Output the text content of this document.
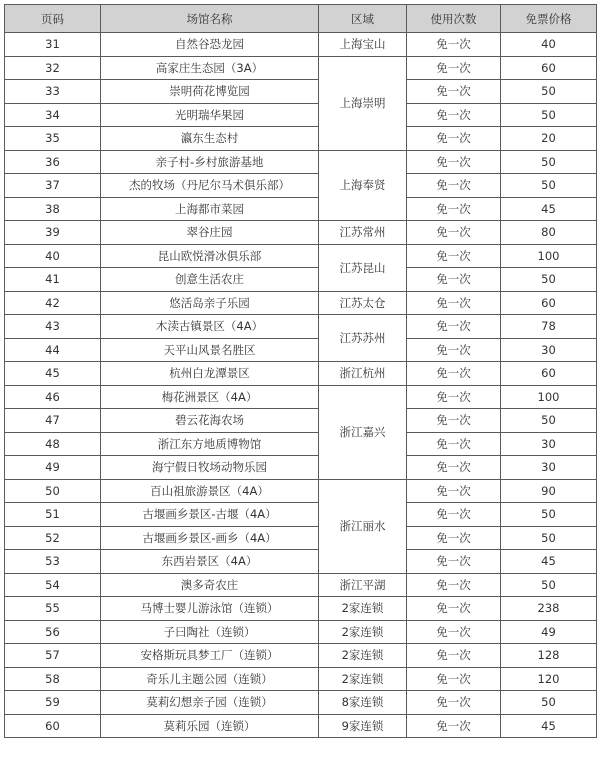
页码	场馆名称	区域	使用次数	免票价格
31	自然谷恐龙园	上海宝山	免一次	40
32	高家庄生态园（3A）	上海崇明	免一次	60
33	崇明荷花博览园		免一次	50
34	光明瑞华果园		免一次	50
35	瀛东生态村		免一次	20
36	亲子村-乡村旅游基地	上海奉贤	免一次	50
37	杰的牧场（丹尼尔马术俱乐部）		免一次	50
38	上海都市菜园		免一次	45
39	翠谷庄园	江苏常州	免一次	80
40	昆山欧悦滑冰俱乐部	江苏昆山	免一次	100
41	创意生活农庄		免一次	50
42	悠活岛亲子乐园	江苏太仓	免一次	60
43	木渎古镇景区（4A）	江苏苏州	免一次	78
44	天平山风景名胜区		免一次	30
45	杭州白龙潭景区	浙江杭州	免一次	60
46	梅花洲景区（4A）	浙江嘉兴	免一次	100
47	碧云花海农场		免一次	50
48	浙江东方地质博物馆		免一次	30
49	海宁假日牧场动物乐园		免一次	30
50	百山祖旅游景区（4A）	浙江丽水	免一次	90
51	古堰画乡景区-古堰（4A）		免一次	50
52	古堰画乡景区-画乡（4A）		免一次	50
53	东西岩景区（4A）		免一次	45
54	澳多奇农庄	浙江平湖	免一次	50
55	马博士婴儿游泳馆（连锁）	2家连锁	免一次	238
56	子曰陶社（连锁）	2家连锁	免一次	49
57	安格斯玩具梦工厂（连锁）	2家连锁	免一次	128
58	奇乐儿主题公园（连锁）	2家连锁	免一次	120
59	莫莉幻想亲子园（连锁）	8家连锁	免一次	50
60	莫莉乐园（连锁）	9家连锁	免一次	45
